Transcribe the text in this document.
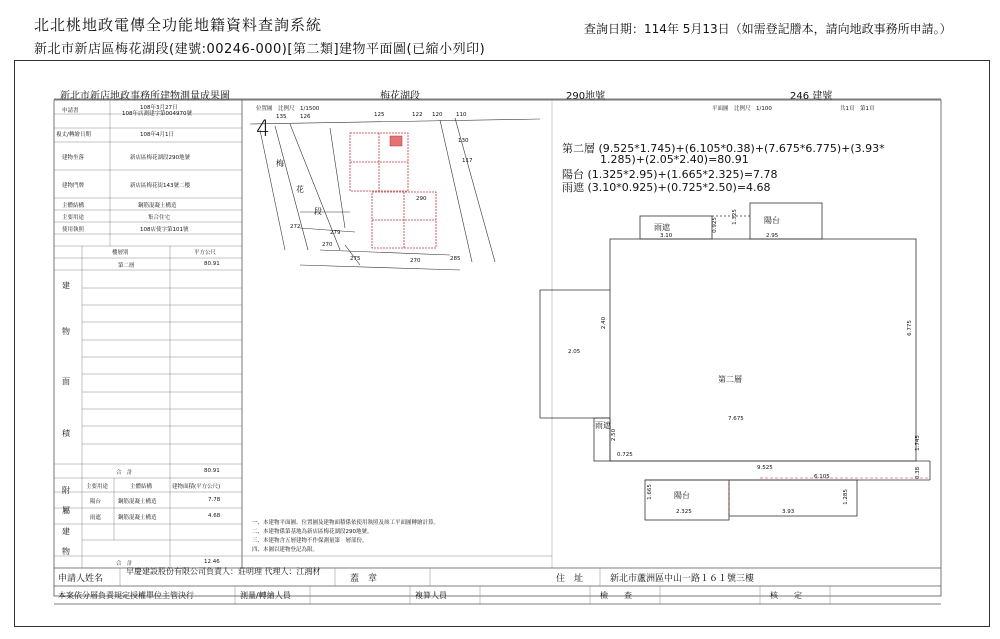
北北桃地政電傳全功能地籍資料查詢系統
新北市新店區梅花湖段(建號:00246-000)[第二類]建物平面圖(已縮小列印)
查詢日期：114年 5月13日（如需登記謄本，請向地政事務所申請。）
新北市新店地政事務所建物測量成果圖	梅花湖段	290地號	246 建號
申請書	108年3月27日
108年店測建字第004970號
複丈/轉繪日期	108年4月1日
建物坐落	新店區梅花湖段290地號
建物門牌	新店區梅花街143號二樓
主體結構	鋼筋混凝土構造
主要用途	集合住宅
使用執照	108店使字第101號
樓層別	平方公尺
第二層	80.91
建
物
面
積
合　計	80.91
主要用途	主體結構	建物面積(平方公尺)
陽台	鋼筋混凝土構造	7.78
雨遮	鋼筋混凝土構造	4.68
附
屬
建
物
合　計	12.46
位置圖　比例尺　1/1500
梅
花
段
135 126	125	122 120 110
130
117
290
279
270
272
275	270	285
4
平面圖　比例尺　1/100	共1頁　第1頁
第二層 (9.525*1.745)+(6.105*0.38)+(7.675*6.775)+(3.93*
1.285)+(2.05*2.40)=80.91
陽台 (1.325*2.95)+(1.665*2.325)=7.78
雨遮 (3.10*0.925)+(0.725*2.50)=4.68
雨遮
陽台
第二層
雨遮
陽台
3.10
0.925
1.325
2.95
2.40
2.05
6.775
7.675
0.725
2.50
9.525
6.105
1.745
0.38
1.665
2.325	3.93
1.285
一、本建物平面圖、位置圖及建物面積係依使用執照及竣工平面圖轉繪計算。
二、本建物係第基地為新店區梅花湖段290地號。
三、本建物含五層建物不作保測量第　層部份。
四、本圖以建物登記為限。
申請人姓名
早慶建設股份有限公司負責人：莊明理 代理人：江鴻材
蓋　章	住　址	新北市蘆洲區中山一路１６１號三樓
本案依分層負責規定授權單位主管決行	測量/轉繪人員	複算人員	檢　　查	核　　定
